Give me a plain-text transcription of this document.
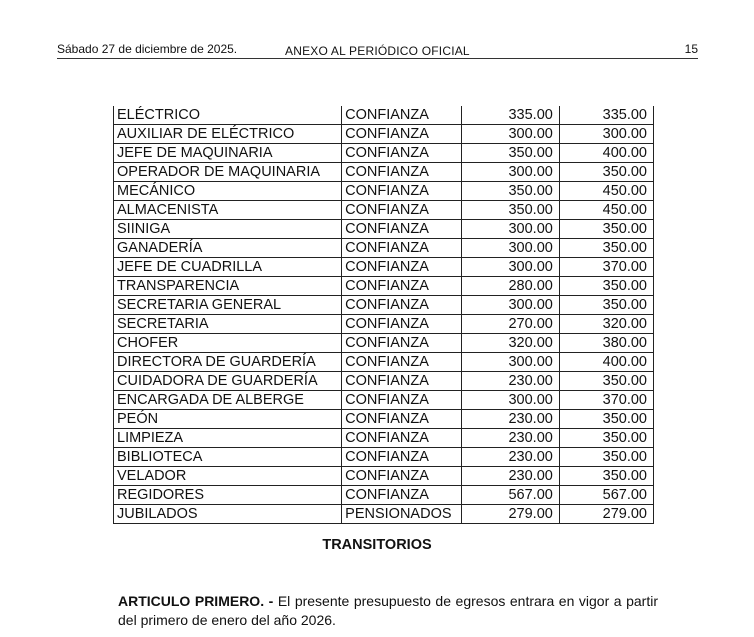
Sábado 27 de diciembre de 2025.	ANEXO AL PERIÓDICO OFICIAL	15
ELÉCTRICO	CONFIANZA	335.00	335.00
AUXILIAR DE ELÉCTRICO	CONFIANZA	300.00	300.00
JEFE DE MAQUINARIA	CONFIANZA	350.00	400.00
OPERADOR DE MAQUINARIA	CONFIANZA	300.00	350.00
MECÁNICO	CONFIANZA	350.00	450.00
ALMACENISTA	CONFIANZA	350.00	450.00
SIINIGA	CONFIANZA	300.00	350.00
GANADERÍA	CONFIANZA	300.00	350.00
JEFE DE CUADRILLA	CONFIANZA	300.00	370.00
TRANSPARENCIA	CONFIANZA	280.00	350.00
SECRETARIA GENERAL	CONFIANZA	300.00	350.00
SECRETARIA	CONFIANZA	270.00	320.00
CHOFER	CONFIANZA	320.00	380.00
DIRECTORA DE GUARDERÍA	CONFIANZA	300.00	400.00
CUIDADORA DE GUARDERÍA	CONFIANZA	230.00	350.00
ENCARGADA DE ALBERGE	CONFIANZA	300.00	370.00
PEÓN	CONFIANZA	230.00	350.00
LIMPIEZA	CONFIANZA	230.00	350.00
BIBLIOTECA	CONFIANZA	230.00	350.00
VELADOR	CONFIANZA	230.00	350.00
REGIDORES	CONFIANZA	567.00	567.00
JUBILADOS	PENSIONADOS	279.00	279.00
TRANSITORIOS
ARTICULO PRIMERO. - El presente presupuesto de egresos entrara en vigor a partir del primero de enero del año 2026.
